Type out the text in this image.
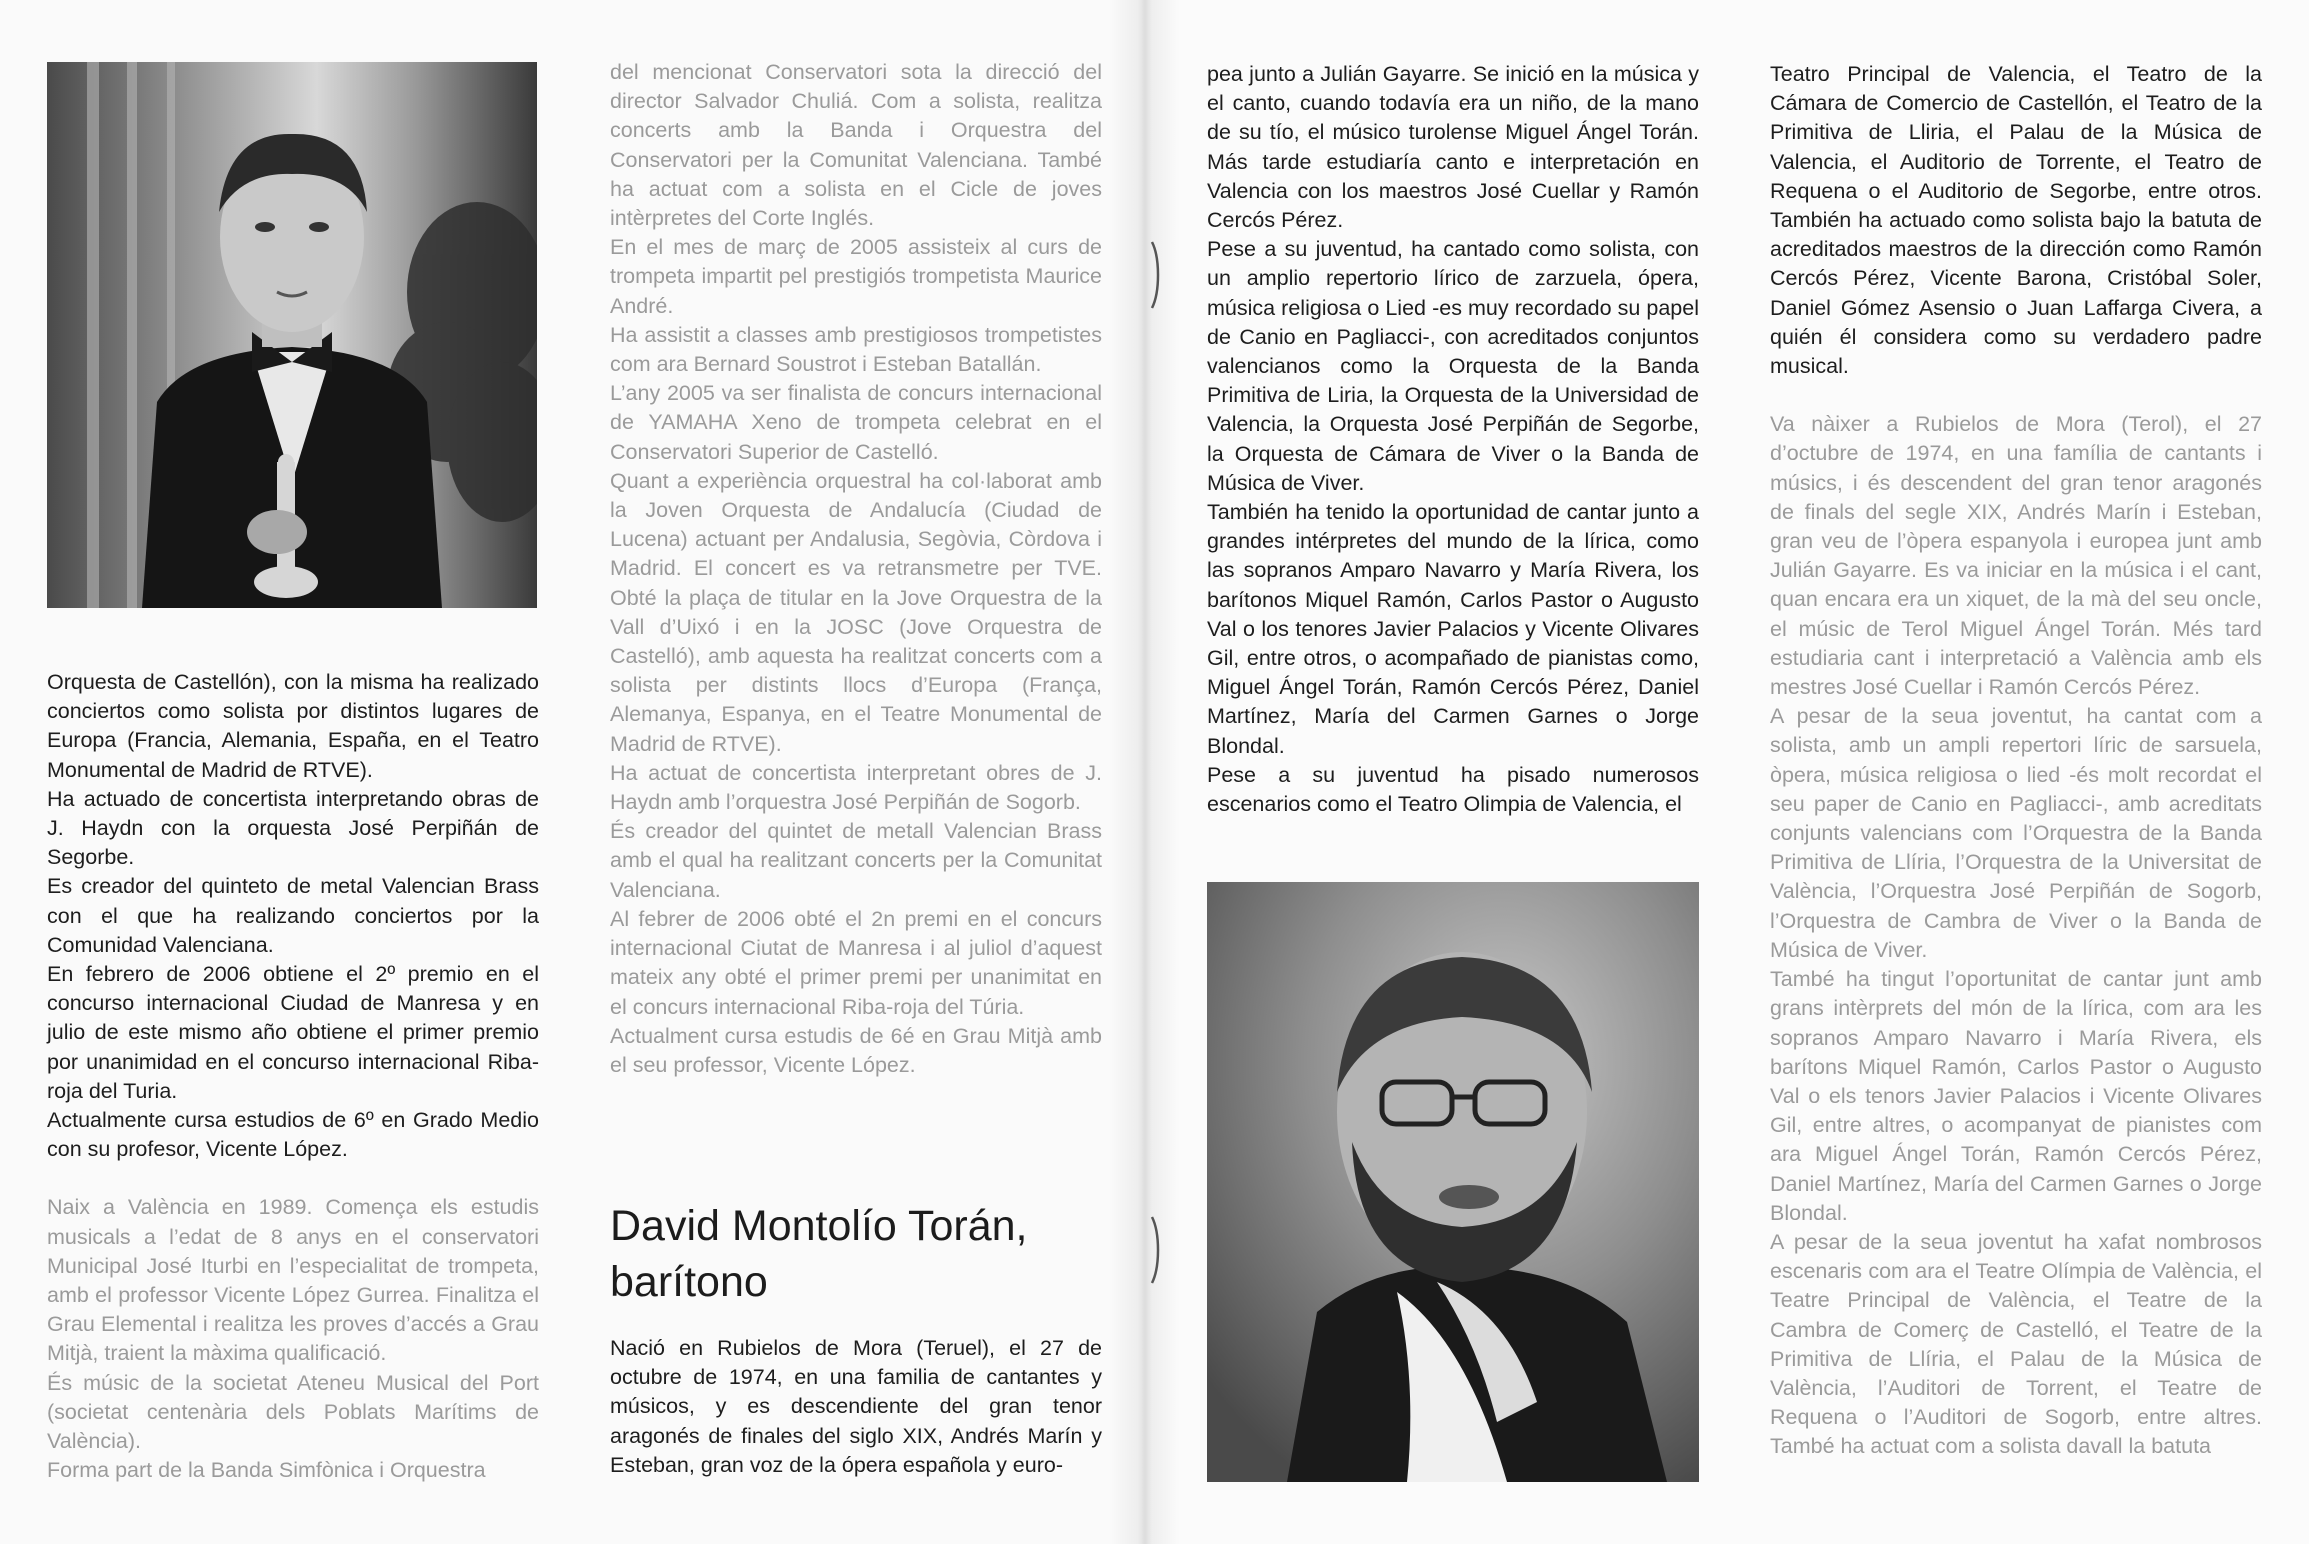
Orquesta de Castellón), con la misma ha realizado conciertos como solista por distintos lugares de Europa (Francia, Alemania, España, en el Teatro Monumental de Madrid de RTVE).

Ha actuado de concertista interpretando obras de J. Haydn con la orquesta José Perpiñán de Segorbe.

Es creador del quinteto de metal Valencian Brass con el que ha realizando conciertos por la Comunidad Valenciana.

En febrero de 2006 obtiene el 2º premio en el concurso internacional Ciudad de Manresa y en julio de este mismo año obtiene el primer premio por unanimidad en el concurso internacional Riba-roja del Turia.

Actualmente cursa estudios de 6º en Grado Medio con su profesor, Vicente López.

Naix a València en 1989. Comença els estudis musicals a l’edat de 8 anys en el conservatori Municipal José Iturbi en l’especialitat de trompeta, amb el professor Vicente López Gurrea. Finalitza el Grau Elemental i realitza les proves d’accés a Grau Mitjà, traient la màxima qualificació.

És músic de la societat Ateneu Musical del Port (societat centenària dels Poblats Marítims de València).

Forma part de la Banda Simfònica i Orquestra

del mencionat Conservatori sota la direcció del director Salvador Chuliá. Com a solista, realitza concerts amb la Banda i Orquestra del Conservatori per la Comunitat Valenciana. També ha actuat com a solista en el Cicle de joves intèrpretes del Corte Inglés.

En el mes de març de 2005 assisteix al curs de trompeta impartit pel prestigiós trompetista Maurice André.

Ha assistit a classes amb prestigiosos trompetistes com ara Bernard Soustrot i Esteban Batallán.

L’any 2005 va ser finalista de concurs internacional de YAMAHA Xeno de trompeta celebrat en el Conservatori Superior de Castelló.

Quant a experiència orquestral ha col·laborat amb la Joven Orquesta de Andalucía (Ciudad de Lucena) actuant per Andalusia, Segòvia, Còrdova i Madrid. El concert es va retransmetre per TVE. Obté la plaça de titular en la Jove Orquestra de la Vall d’Uixó i en la JOSC (Jove Orquestra de Castelló), amb aquesta ha realitzat concerts com a solista per distints llocs d’Europa (França, Alemanya, Espanya, en el Teatre Monumental de Madrid de RTVE).

Ha actuat de concertista interpretant obres de J. Haydn amb l’orquestra José Perpiñán de Sogorb.

És creador del quintet de metall Valencian Brass amb el qual ha realitzant concerts per la Comunitat Valenciana.

Al febrer de 2006 obté el 2n premi en el concurs internacional Ciutat de Manresa i al juliol d’aquest mateix any obté el primer premi per unanimitat en el concurs internacional Riba-roja del Túria.

Actualment cursa estudis de 6é en Grau Mitjà amb el seu professor, Vicente López.

David Montolío Torán,
barítono

Nació en Rubielos de Mora (Teruel), el 27 de octubre de 1974, en una familia de cantantes y músicos, y es descendiente del gran tenor aragonés de finales del siglo XIX, Andrés Marín y Esteban, gran voz de la ópera española y euro-

pea junto a Julián Gayarre. Se inició en la música y el canto, cuando todavía era un niño, de la mano de su tío, el músico turolense Miguel Ángel Torán. Más tarde estudiaría canto e interpretación en Valencia con los maestros José Cuellar y Ramón Cercós Pérez.

Pese a su juventud, ha cantado como solista, con un amplio repertorio lírico de zarzuela, ópera, música religiosa o Lied -es muy recordado su papel de Canio en Pagliacci-, con acreditados conjuntos valencianos como la Orquesta de la Banda Primitiva de Liria, la Orquesta de la Universidad de Valencia, la Orquesta José Perpiñán de Segorbe, la Orquesta de Cámara de Viver o la Banda de Música de Viver.

También ha tenido la oportunidad de cantar junto a grandes intérpretes del mundo de la lírica, como las sopranos Amparo Navarro y María Rivera, los barítonos Miquel Ramón, Carlos Pastor o Augusto Val o los tenores Javier Palacios y Vicente Olivares Gil, entre otros, o acompañado de pianistas como, Miguel Ángel Torán, Ramón Cercós Pérez, Daniel Martínez, María del Carmen Garnes o Jorge Blondal.

Pese a su juventud ha pisado numerosos escenarios como el Teatro Olimpia de Valencia, el

Teatro Principal de Valencia, el Teatro de la Cámara de Comercio de Castellón, el Teatro de la Primitiva de Lliria, el Palau de la Música de Valencia, el Auditorio de Torrente, el Teatro de Requena o el Auditorio de Segorbe, entre otros. También ha actuado como solista bajo la batuta de acreditados maestros de la dirección como Ramón Cercós Pérez, Vicente Barona, Cristóbal Soler, Daniel Gómez Asensio o Juan Laffarga Civera, a quién él considera como su verdadero padre musical.

Va nàixer a Rubielos de Mora (Terol), el 27 d’octubre de 1974, en una família de cantants i músics, i és descendent del gran tenor aragonés de finals del segle XIX, Andrés Marín i Esteban, gran veu de l’òpera espanyola i europea junt amb Julián Gayarre. Es va iniciar en la música i el cant, quan encara era un xiquet, de la mà del seu oncle, el músic de Terol Miguel Ángel Torán. Més tard estudiaria cant i interpretació a València amb els mestres José Cuellar i Ramón Cercós Pérez.

A pesar de la seua joventut, ha cantat com a solista, amb un ampli repertori líric de sarsuela, òpera, música religiosa o lied -és molt recordat el seu paper de Canio en Pagliacci-, amb acreditats conjunts valencians com l’Orquestra de la Banda Primitiva de Llíria, l’Orquestra de la Universitat de València, l’Orquestra José Perpiñán de Sogorb, l’Orquestra de Cambra de Viver o la Banda de Música de Viver.

També ha tingut l’oportunitat de cantar junt amb grans intèrprets del món de la lírica, com ara les sopranos Amparo Navarro i María Rivera, els barítons Miquel Ramón, Carlos Pastor o Augusto Val o els tenors Javier Palacios i Vicente Olivares Gil, entre altres, o acompanyat de pianistes com ara Miguel Ángel Torán, Ramón Cercós Pérez, Daniel Martínez, María del Carmen Garnes o Jorge Blondal.

A pesar de la seua joventut ha xafat nombrosos escenaris com ara el Teatre Olímpia de València, el Teatre Principal de València, el Teatre de la Cambra de Comerç de Castelló, el Teatre de la Primitiva de Llíria, el Palau de la Música de València, l’Auditori de Torrent, el Teatre de Requena o l’Auditori de Sogorb, entre altres. També ha actuat com a solista davall la batuta
